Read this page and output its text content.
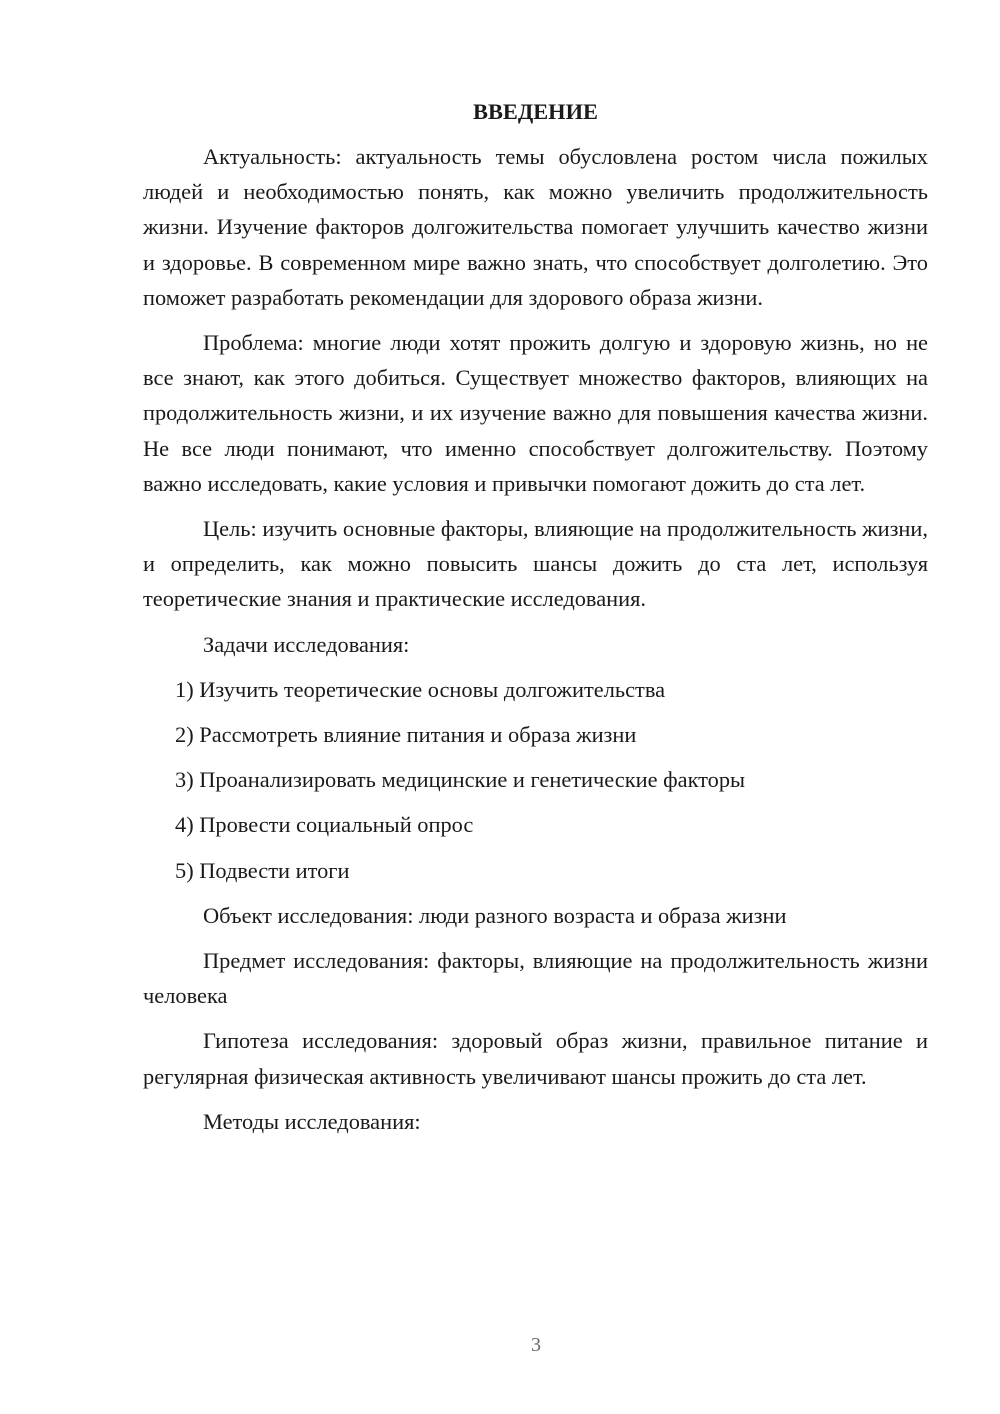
ВВЕДЕНИЕ

Актуальность: актуальность темы обусловлена ростом числа пожилых людей и необходимостью понять, как можно увеличить продолжительность жизни. Изучение факторов долгожительства помогает улучшить качество жизни и здоровье. В современном мире важно знать, что способствует долголетию. Это поможет разработать рекомендации для здорового образа жизни.

Проблема: многие люди хотят прожить долгую и здоровую жизнь, но не все знают, как этого добиться. Существует множество факторов, влияющих на продолжительность жизни, и их изучение важно для повышения качества жизни. Не все люди понимают, что именно способствует долгожительству. Поэтому важно исследовать, какие условия и привычки помогают дожить до ста лет.

Цель: изучить основные факторы, влияющие на продолжительность жизни, и определить, как можно повысить шансы дожить до ста лет, используя теоретические знания и практические исследования.

Задачи исследования:

1) Изучить теоретические основы долгожительства

2) Рассмотреть влияние питания и образа жизни

3) Проанализировать медицинские и генетические факторы

4) Провести социальный опрос

5) Подвести итоги

Объект исследования: люди разного возраста и образа жизни

Предмет исследования: факторы, влияющие на продолжительность жизни человека

Гипотеза исследования: здоровый образ жизни, правильное питание и регулярная физическая активность увеличивают шансы прожить до ста лет.

Методы исследования:

3
